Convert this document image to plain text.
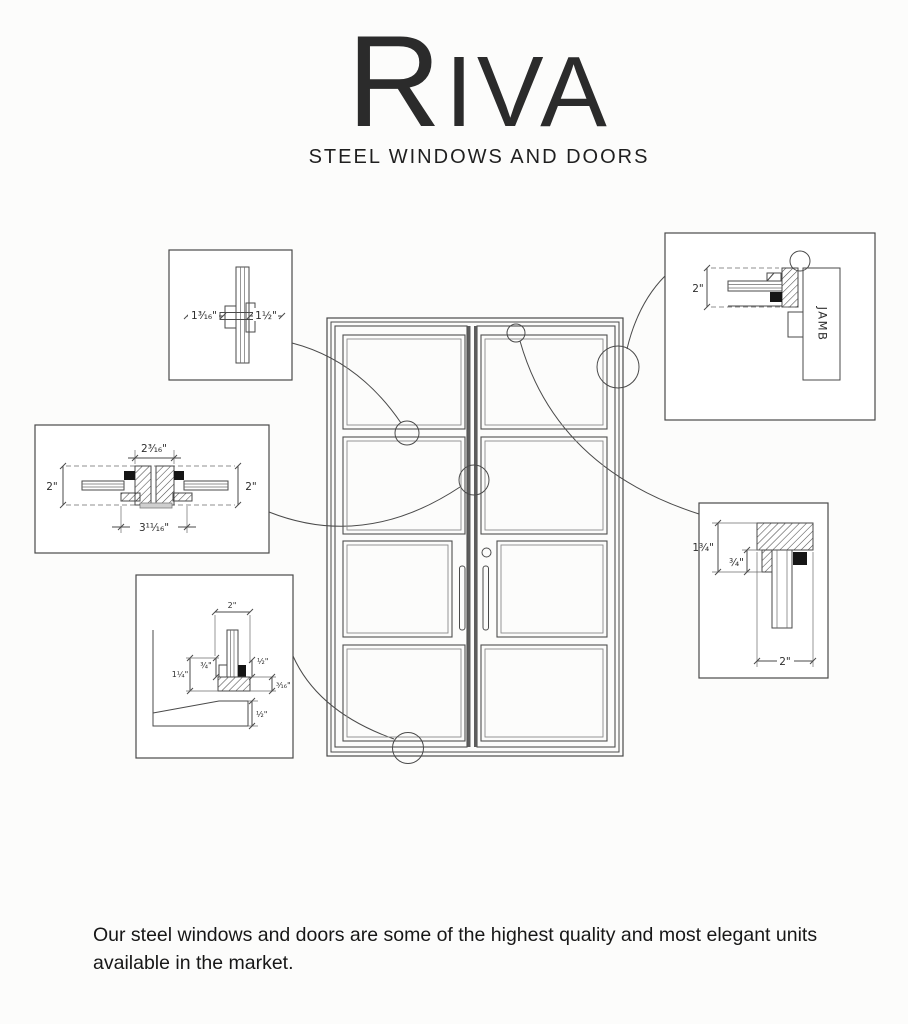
RIVA
STEEL WINDOWS AND DOORS
1³⁄₁₆"	1½"
2³⁄₁₆"
2"	2"
3¹¹⁄₁₆"
2"
¾"
1¼"
½"
³⁄₁₆"
½"
JAMB
2"
1¾"
¾"
2"

Our steel windows and doors are some of the highest quality and most elegant units available in the market.
